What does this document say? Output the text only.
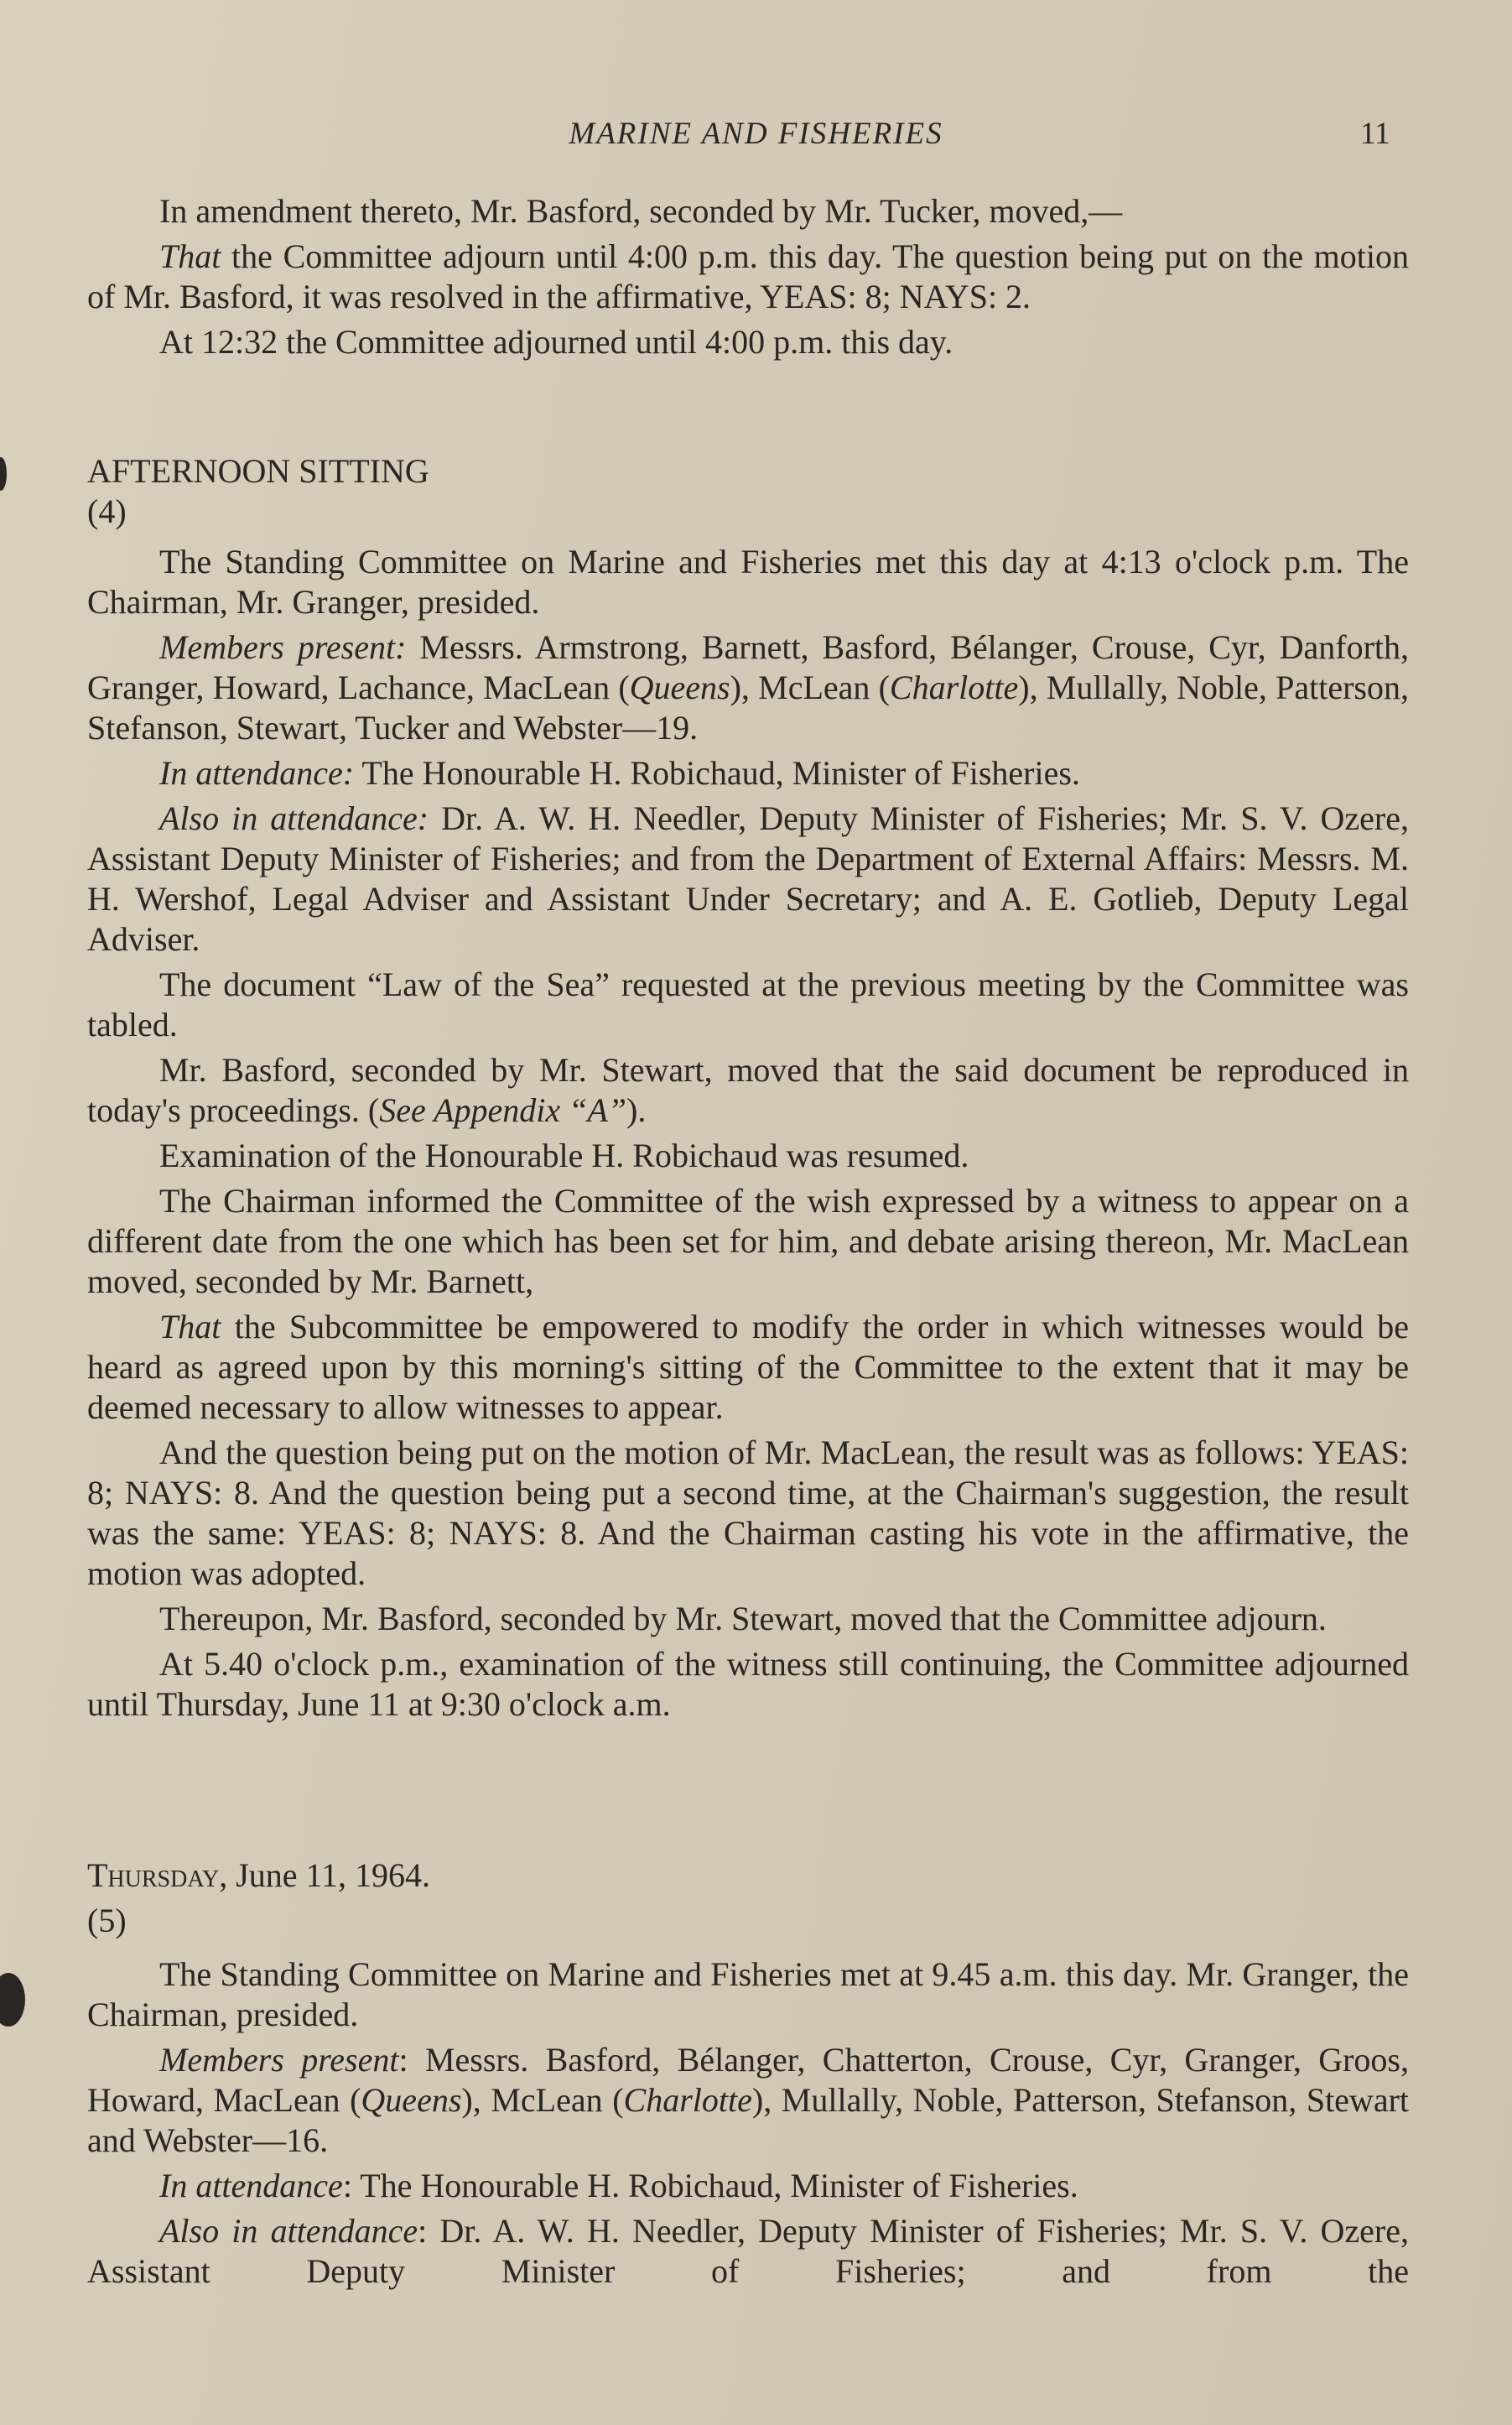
MARINE AND FISHERIES	11

In amendment thereto, Mr. Basford, seconded by Mr. Tucker, moved,—

That the Committee adjourn until 4:00 p.m. this day. The question being put on the motion of Mr. Basford, it was resolved in the affirmative, YEAS: 8; NAYS: 2.

At 12:32 the Committee adjourned until 4:00 p.m. this day.

AFTERNOON SITTING

(4)

The Standing Committee on Marine and Fisheries met this day at 4:13 o'clock p.m. The Chairman, Mr. Granger, presided.

Members present: Messrs. Armstrong, Barnett, Basford, Bélanger, Crouse, Cyr, Danforth, Granger, Howard, Lachance, MacLean (Queens), McLean (Charlotte), Mullally, Noble, Patterson, Stefanson, Stewart, Tucker and Webster—19.

In attendance: The Honourable H. Robichaud, Minister of Fisheries.

Also in attendance: Dr. A. W. H. Needler, Deputy Minister of Fisheries; Mr. S. V. Ozere, Assistant Deputy Minister of Fisheries; and from the Department of External Affairs: Messrs. M. H. Wershof, Legal Adviser and Assistant Under Secretary; and A. E. Gotlieb, Deputy Legal Adviser.

The document “Law of the Sea” requested at the previous meeting by the Committee was tabled.

Mr. Basford, seconded by Mr. Stewart, moved that the said document be reproduced in today's proceedings. (See Appendix “A”).

Examination of the Honourable H. Robichaud was resumed.

The Chairman informed the Committee of the wish expressed by a witness to appear on a different date from the one which has been set for him, and debate arising thereon, Mr. MacLean moved, seconded by Mr. Barnett,

That the Subcommittee be empowered to modify the order in which witnesses would be heard as agreed upon by this morning's sitting of the Committee to the extent that it may be deemed necessary to allow witnesses to appear.

And the question being put on the motion of Mr. MacLean, the result was as follows: YEAS: 8; NAYS: 8. And the question being put a second time, at the Chairman's suggestion, the result was the same: YEAS: 8; NAYS: 8. And the Chairman casting his vote in the affirmative, the motion was adopted.

Thereupon, Mr. Basford, seconded by Mr. Stewart, moved that the Committee adjourn.

At 5.40 o'clock p.m., examination of the witness still continuing, the Committee adjourned until Thursday, June 11 at 9:30 o'clock a.m.

Thursday, June 11, 1964.

(5)

The Standing Committee on Marine and Fisheries met at 9.45 a.m. this day. Mr. Granger, the Chairman, presided.

Members present: Messrs. Basford, Bélanger, Chatterton, Crouse, Cyr, Granger, Groos, Howard, MacLean (Queens), McLean (Charlotte), Mullally, Noble, Patterson, Stefanson, Stewart and Webster—16.

In attendance: The Honourable H. Robichaud, Minister of Fisheries.

Also in attendance: Dr. A. W. H. Needler, Deputy Minister of Fisheries; Mr. S. V. Ozere, Assistant Deputy Minister of Fisheries; and from the
